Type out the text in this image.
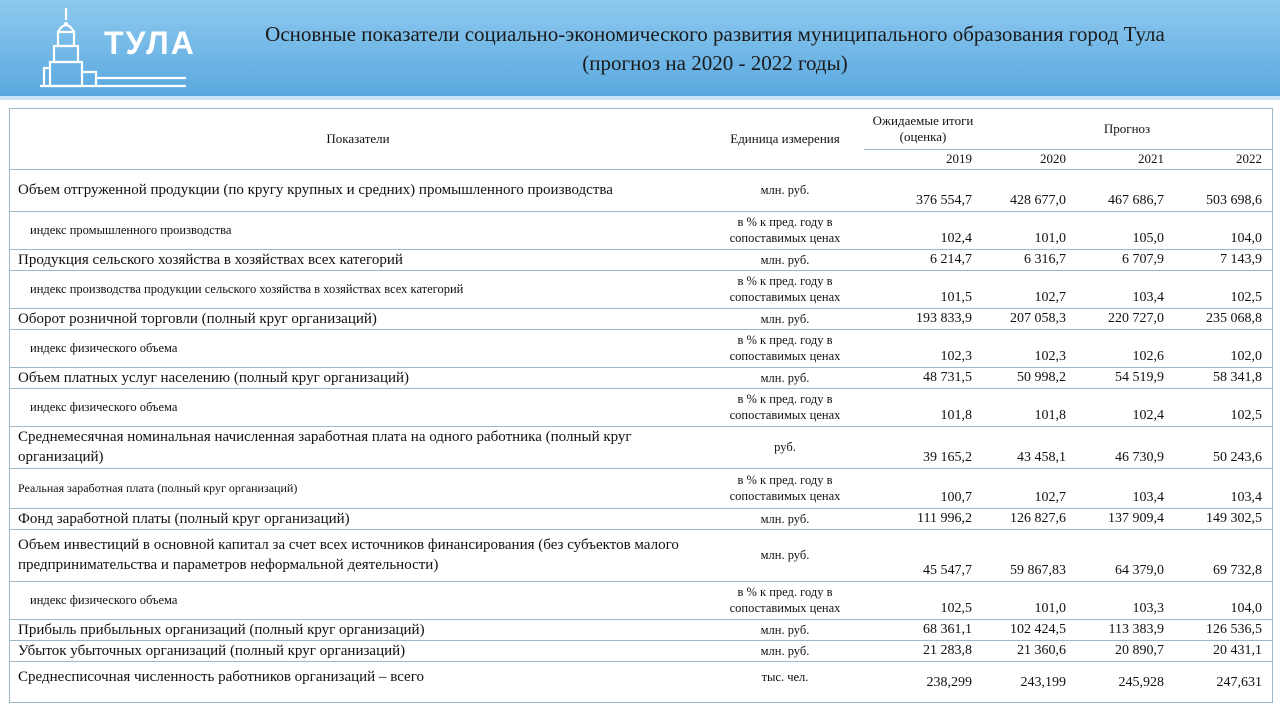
ТУЛА	Основные показатели социально-экономического развития муниципального образования город Тула
(прогноз на 2020 - 2022 годы)
Показатели	Единица измерения	Ожидаемые итоги (оценка)	Прогноз		
		2019	2020	2021	2022
Объем отгруженной продукции (по кругу крупных и средних) промышленного производства	млн. руб.	376 554,7	428 677,0	467 686,7	503 698,6
индекс промышленного производства	в % к пред. году в сопоставимых ценах	102,4	101,0	105,0	104,0
Продукция сельского хозяйства в хозяйствах всех категорий	млн. руб.	6 214,7	6 316,7	6 707,9	7 143,9
индекс производства продукции сельского хозяйства в хозяйствах всех категорий	в % к пред. году в сопоставимых ценах	101,5	102,7	103,4	102,5
Оборот розничной торговли (полный круг организаций)	млн. руб.	193 833,9	207 058,3	220 727,0	235 068,8
индекс физического объема	в % к пред. году в сопоставимых ценах	102,3	102,3	102,6	102,0
Объем платных услуг населению (полный круг организаций)	млн. руб.	48 731,5	50 998,2	54 519,9	58 341,8
индекс физического объема	в % к пред. году в сопоставимых ценах	101,8	101,8	102,4	102,5
Среднемесячная номинальная начисленная заработная плата на одного работника (полный круг организаций)	руб.	39 165,2	43 458,1	46 730,9	50 243,6
Реальная заработная плата (полный круг организаций)	в % к пред. году в сопоставимых ценах	100,7	102,7	103,4	103,4
Фонд заработной платы (полный круг организаций)	млн. руб.	111 996,2	126 827,6	137 909,4	149 302,5
Объем инвестиций в основной капитал за счет всех источников финансирования (без субъектов малого предпринимательства и параметров неформальной деятельности)	млн. руб.	45 547,7	59 867,83	64 379,0	69 732,8
индекс физического объема	в % к пред. году в сопоставимых ценах	102,5	101,0	103,3	104,0
Прибыль прибыльных организаций (полный круг организаций)	млн. руб.	68 361,1	102 424,5	113 383,9	126 536,5
Убыток убыточных организаций (полный круг организаций)	млн. руб.	21 283,8	21 360,6	20 890,7	20 431,1
Среднесписочная численность работников организаций – всего	тыс. чел.	238,299	243,199	245,928	247,631
